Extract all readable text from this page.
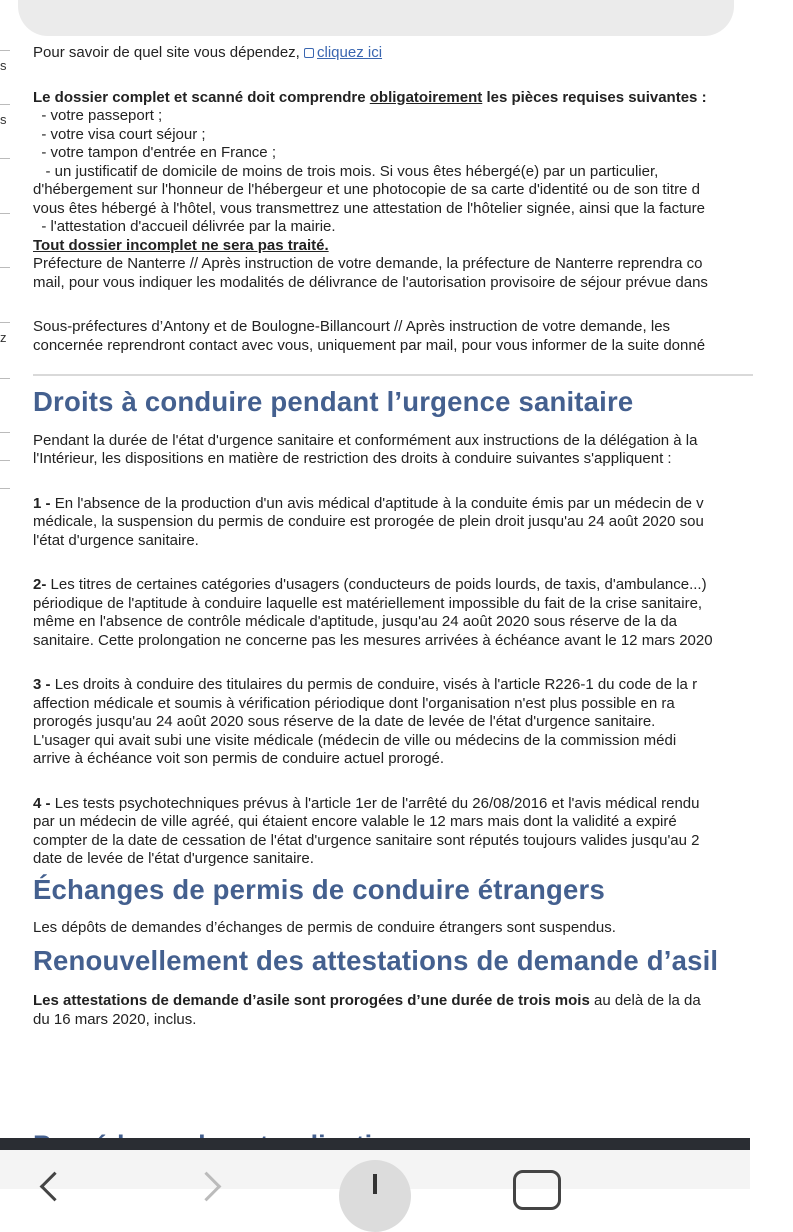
s
s
z
Pour savoir de quel site vous dépendez, cliquez ici
Le dossier complet et scanné doit comprendre obligatoirement les pièces requises suivantes :
- votre passeport ;
- votre visa court séjour ;
- votre tampon d'entrée en France ;
- un justificatif de domicile de moins de trois mois. Si vous êtes hébergé(e) par un particulier,
d'hébergement sur l'honneur de l'hébergeur et une photocopie de sa carte d'identité ou de son titre d
vous êtes hébergé à l'hôtel, vous transmettrez une attestation de l'hôtelier signée, ainsi que la facture
- l'attestation d'accueil délivrée par la mairie.
Tout dossier incomplet ne sera pas traité.
Préfecture de Nanterre // Après instruction de votre demande, la préfecture de Nanterre reprendra co
mail, pour vous indiquer les modalités de délivrance de l'autorisation provisoire de séjour prévue dans
Sous-préfectures d’Antony et de Boulogne-Billancourt // Après instruction de votre demande, les
concernée reprendront contact avec vous, uniquement par mail, pour vous informer de la suite donné
Droits à conduire pendant l’urgence sanitaire
Pendant la durée de l'état d'urgence sanitaire et conformément aux instructions de la délégation à la
l'Intérieur, les dispositions en matière de restriction des droits à conduire suivantes s'appliquent :
1 - En l'absence de la production d'un avis médical d'aptitude à la conduite émis par un médecin de v
médicale, la suspension du permis de conduire est prorogée de plein droit jusqu'au 24 août 2020 sou
l'état d'urgence sanitaire.
2- Les titres de certaines catégories d'usagers (conducteurs de poids lourds, de taxis, d'ambulance...)
périodique de l'aptitude à conduire laquelle est matériellement impossible du fait de la crise sanitaire,
même en l'absence de contrôle médicale d'aptitude, jusqu'au 24 août 2020 sous réserve de la da
sanitaire. Cette prolongation ne concerne pas les mesures arrivées à échéance avant le 12 mars 2020
3 - Les droits à conduire des titulaires du permis de conduire, visés à l'article R226-1 du code de la r
affection médicale et soumis à vérification périodique dont l'organisation n'est plus possible en ra
prorogés jusqu'au 24 août 2020 sous réserve de la date de levée de l'état d'urgence sanitaire.
L'usager qui avait subi une visite médicale (médecin de ville ou médecins de la commission médi
arrive à échéance voit son permis de conduire actuel prorogé.
4 - Les tests psychotechniques prévus à l'article 1er de l'arrêté du 26/08/2016 et l'avis médical rendu
par un médecin de ville agréé, qui étaient encore valable le 12 mars mais dont la validité a expiré
compter de la date de cessation de l'état d'urgence sanitaire sont réputés toujours valides jusqu'au 2
date de levée de l'état d'urgence sanitaire.
Échanges de permis de conduire étrangers
Les dépôts de demandes d’échanges de permis de conduire étrangers sont suspendus.
Renouvellement des attestations de demande d’asil
Les attestations de demande d’asile sont prorogées d’une durée de trois mois au delà de la da
du 16 mars 2020, inclus.
